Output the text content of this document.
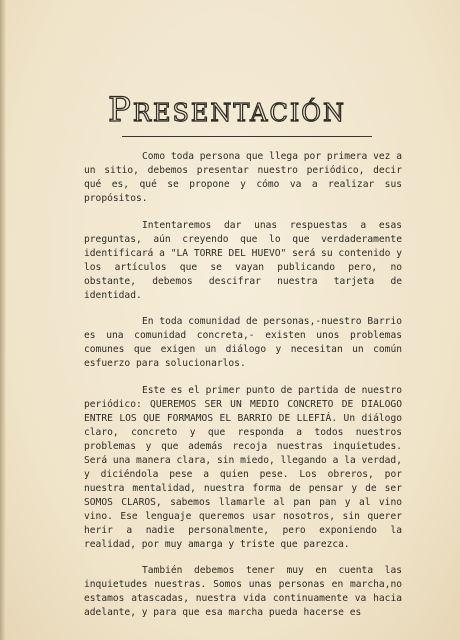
Presentación

Como toda persona que llega por primera vez a un sitio, debemos presentar nuestro periódico, decir qué es, qué se propone y cómo va a realizar sus propósitos.

Intentaremos dar unas respuestas a esas preguntas, aún creyendo que lo que verdaderamente identificará a "LA TORRE DEL HUEVO" será su contenido y los artículos que se vayan publicando pero, no obstante, debemos descifrar nuestra tarjeta de identidad.

En toda comunidad de personas,-nuestro Barrio es una comunidad concreta,- existen unos problemas comunes que exigen un diálogo y necesitan un común esfuerzo para solucionarlos.

Este es el primer punto de partida de nuestro periódico: QUEREMOS SER UN MEDIO CONCRETO DE DIALOGO ENTRE LOS QUE FORMAMOS EL BARRIO DE LLEFIÁ. Un diálogo claro, concreto y que responda a todos nuestros problemas y que además recoja nuestras inquietudes. Será una manera clara, sin miedo, llegando a la verdad, y diciéndola pese a quien pese. Los obreros, por nuestra mentalidad, nuestra forma de pensar y de ser SOMOS CLAROS, sabemos llamarle al pan pan y al vino vino. Ese lenguaje queremos usar nosotros, sin querer herir a nadie personalmente, pero exponiendo la realidad, por muy amarga y triste que parezca.

También debemos tener muy en cuenta las inquietudes nuestras. Somos unas personas en marcha,no estamos atascadas, nuestra vida continuamente va hacia adelante, y para que esa marcha pueda hacerse es
